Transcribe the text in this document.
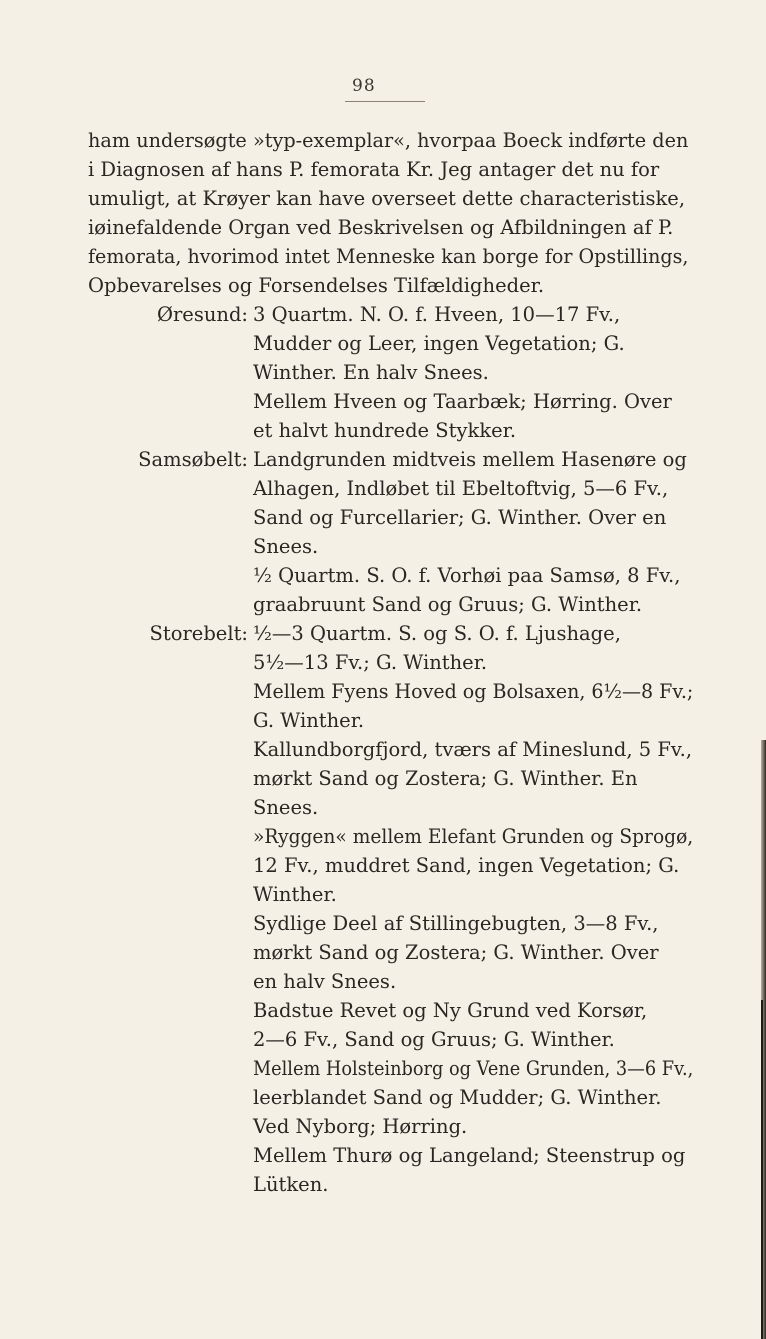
98
ham undersøgte »typ-exemplar«, hvorpaa Boeck indførte den
i Diagnosen af hans P. femorata Kr. Jeg antager det nu for
umuligt, at Krøyer kan have overseet dette characteristiske,
iøinefaldende Organ ved Beskrivelsen og Afbildningen af P.
femorata, hvorimod intet Menneske kan borge for Opstillings,
Opbevarelses og Forsendelses Tilfældigheder.
Øresund: 3 Quartm. N. O. f. Hveen, 10—17 Fv.,
Mudder og Leer, ingen Vegetation; G.
Winther. En halv Snees.
Mellem Hveen og Taarbæk; Hørring. Over
et halvt hundrede Stykker.
Samsøbelt: Landgrunden midtveis mellem Hasenøre og
Alhagen, Indløbet til Ebeltoftvig, 5—6 Fv.,
Sand og Furcellarier; G. Winther. Over en
Snees.
½ Quartm. S. O. f. Vorhøi paa Samsø, 8 Fv.,
graabruunt Sand og Gruus; G. Winther.
Storebelt: ½—3 Quartm. S. og S. O. f. Ljushage,
5½—13 Fv.; G. Winther.
Mellem Fyens Hoved og Bolsaxen, 6½—8 Fv.;
G. Winther.
Kallundborgfjord, tværs af Mineslund, 5 Fv.,
mørkt Sand og Zostera; G. Winther. En
Snees.
»Ryggen« mellem Elefant Grunden og Sprogø,
12 Fv., muddret Sand, ingen Vegetation; G.
Winther.
Sydlige Deel af Stillingebugten, 3—8 Fv.,
mørkt Sand og Zostera; G. Winther. Over
en halv Snees.
Badstue Revet og Ny Grund ved Korsør,
2—6 Fv., Sand og Gruus; G. Winther.
Mellem Holsteinborg og Vene Grunden, 3—6 Fv.,
leerblandet Sand og Mudder; G. Winther.
Ved Nyborg; Hørring.
Mellem Thurø og Langeland; Steenstrup og
Lütken.
